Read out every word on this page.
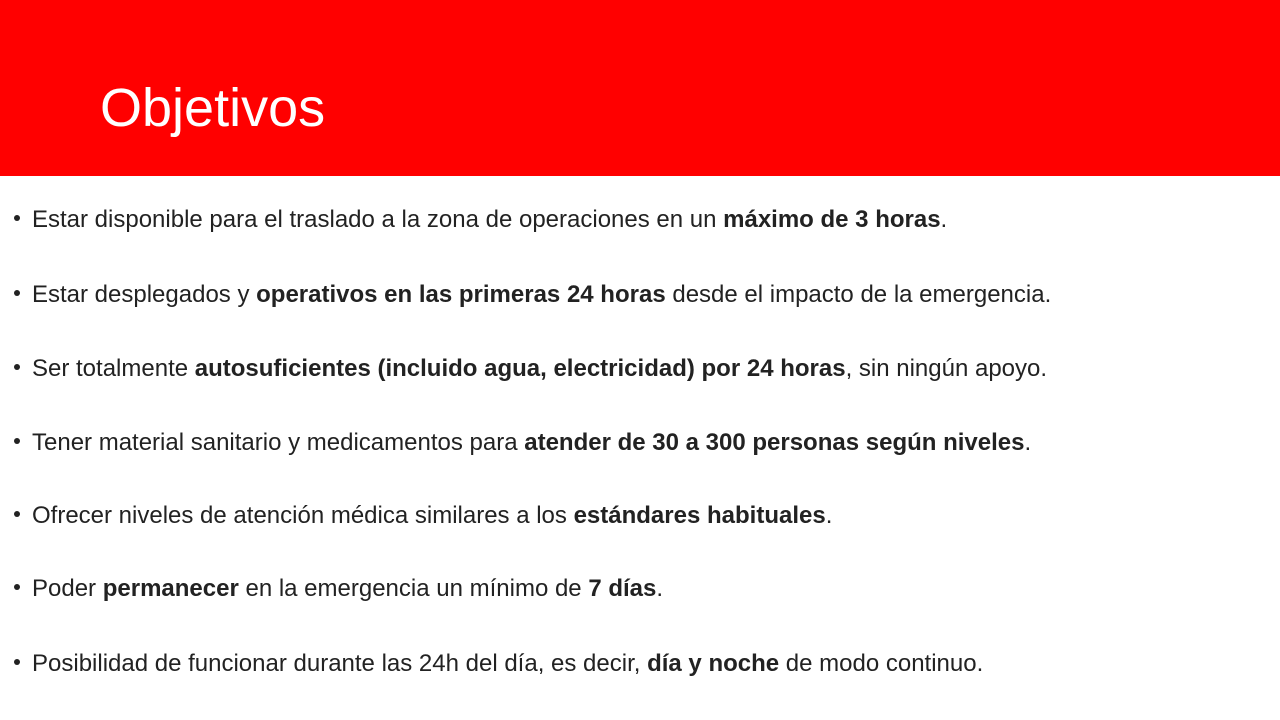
Objetivos
Estar disponible para el traslado a la zona de operaciones en un máximo de 3 horas.
Estar desplegados y operativos en las primeras 24 horas desde el impacto de la emergencia.
Ser totalmente autosuficientes (incluido agua, electricidad) por 24 horas, sin ningún apoyo.
Tener material sanitario y medicamentos para atender de 30 a 300 personas según niveles.
Ofrecer niveles de atención médica similares a los estándares habituales.
Poder permanecer en la emergencia un mínimo de 7 días.
Posibilidad de funcionar durante las 24h del día, es decir, día y noche de modo continuo.
